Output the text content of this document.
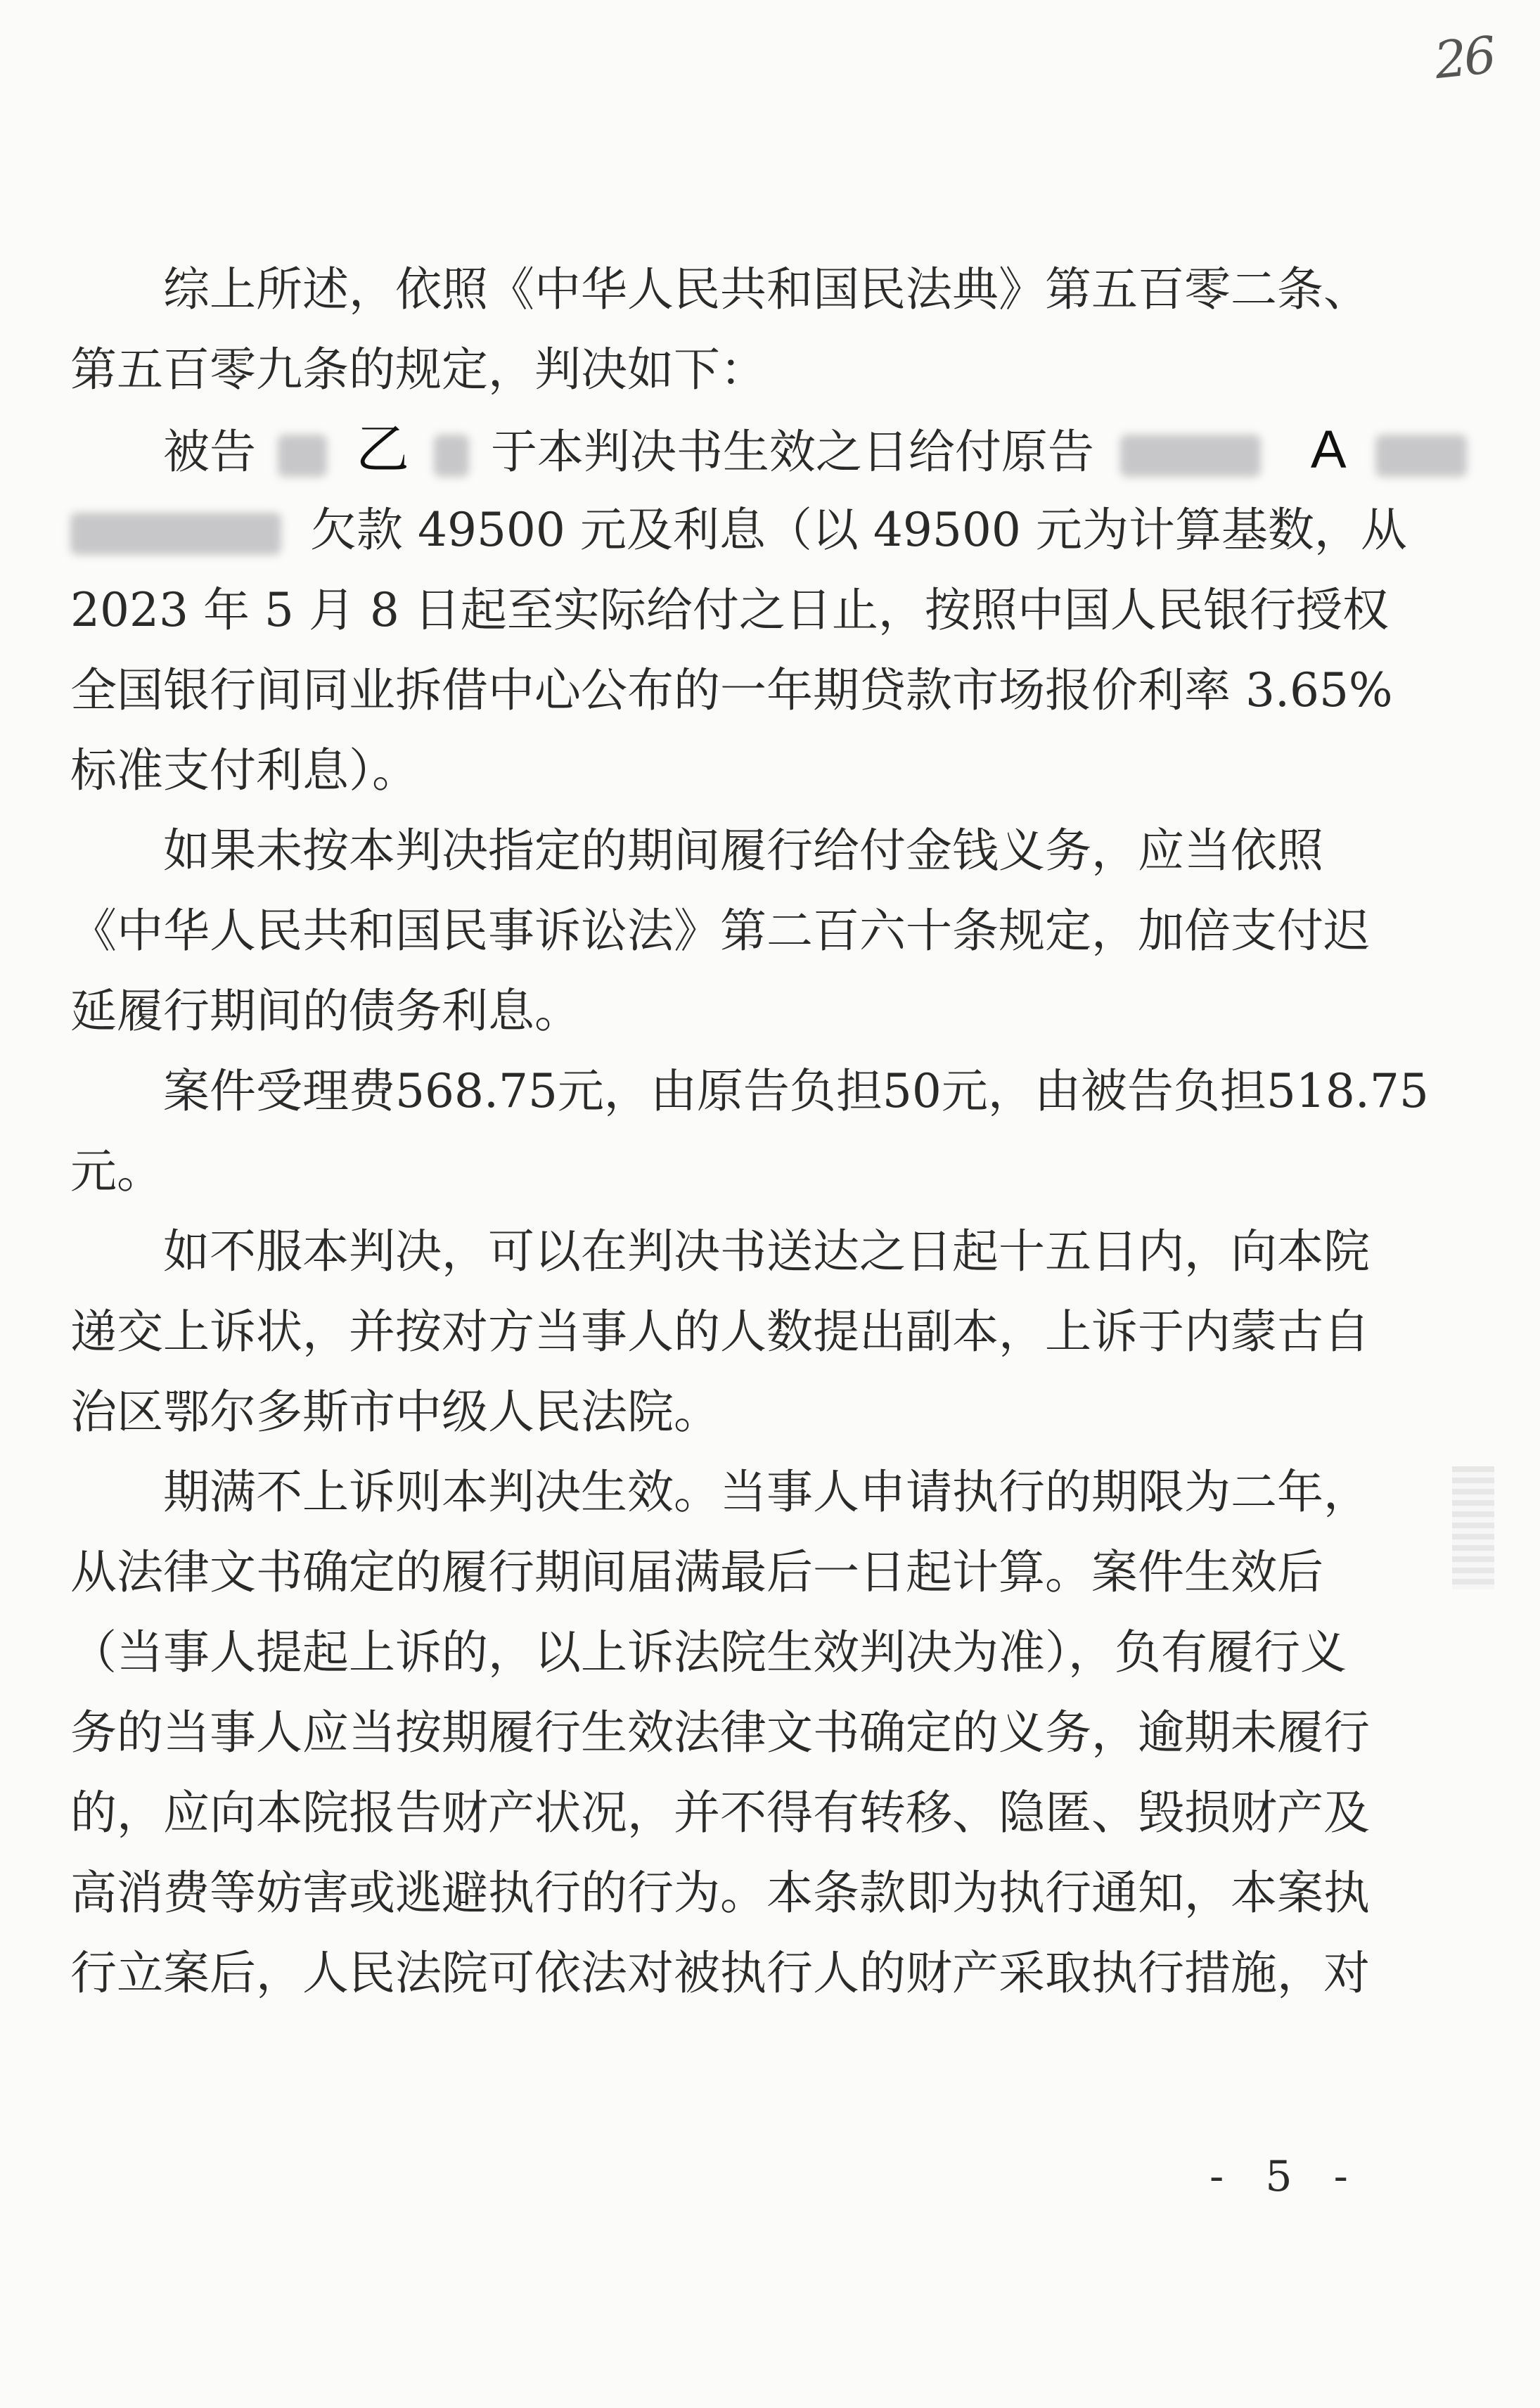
26
综上所述，依照《中华人民共和国民法典》第五百零二条、
第五百零九条的规定，判决如下：
被告 乙 于本判决书生效之日给付原告	A
欠款 49500 元及利息（以 49500 元为计算基数，从
2023 年 5 月 8 日起至实际给付之日止，按照中国人民银行授权
全国银行间同业拆借中心公布的一年期贷款市场报价利率 3.65%
标准支付利息）。
如果未按本判决指定的期间履行给付金钱义务，应当依照
《中华人民共和国民事诉讼法》第二百六十条规定，加倍支付迟
延履行期间的债务利息。
案件受理费568.75元，由原告负担50元，由被告负担518.75
元。
如不服本判决，可以在判决书送达之日起十五日内，向本院
递交上诉状，并按对方当事人的人数提出副本，上诉于内蒙古自
治区鄂尔多斯市中级人民法院。
期满不上诉则本判决生效。当事人申请执行的期限为二年，
从法律文书确定的履行期间届满最后一日起计算。案件生效后
（当事人提起上诉的，以上诉法院生效判决为准），负有履行义
务的当事人应当按期履行生效法律文书确定的义务，逾期未履行
的，应向本院报告财产状况，并不得有转移、隐匿、毁损财产及
高消费等妨害或逃避执行的行为。本条款即为执行通知，本案执
行立案后，人民法院可依法对被执行人的财产采取执行措施，对
- 5 -
